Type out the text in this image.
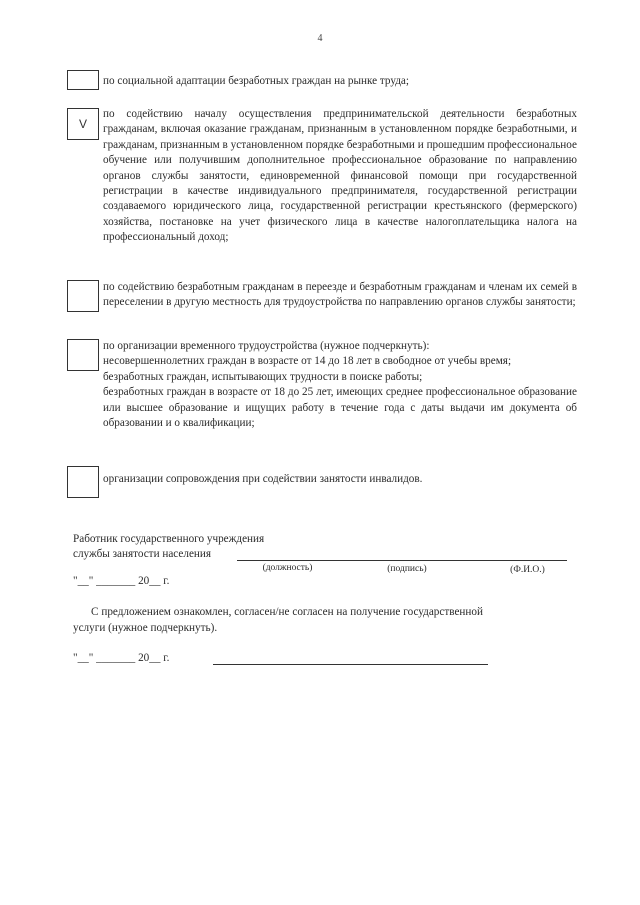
4

по социальной адаптации безработных граждан на рынке труда;

V

по содействию началу осуществления предпринимательской деятельности безработных гражданам, включая оказание гражданам, признанным в установленном порядке безработными, и гражданам, признанным в установленном порядке безработными и прошедшим профессиональное обучение или получившим дополнительное профессиональное образование по направлению органов службы занятости, единовременной финансовой помощи при государственной регистрации в качестве индивидуального предпринимателя, государственной регистрации создаваемого юридического лица, государственной регистрации крестьянского (фермерского) хозяйства, постановке на учет физического лица в качестве налогоплательщика налога на профессиональный доход;

по содействию безработным гражданам в переезде и безработным гражданам и членам их семей в переселении в другую местность для трудоустройства по направлению органов службы занятости;

по организации временного трудоустройства (нужное подчеркнуть):

несовершеннолетних граждан в возрасте от 14 до 18 лет в свободное от учебы время;

безработных граждан, испытывающих трудности в поиске работы;

безработных граждан в возрасте от 18 до 25 лет, имеющих среднее профессиональное образование или высшее образование и ищущих работу в течение года с даты выдачи им документа об образовании и о квалификации;

организации сопровождения при содействии занятости инвалидов.

Работник государственного учреждения
службы занятости населения
(должность)	(подпись)	(Ф.И.О.)
"__" _______ 20__ г.

С предложением ознакомлен, согласен/не согласен на получение государственной услуги (нужное подчеркнуть).

"__" _______ 20__ г.
